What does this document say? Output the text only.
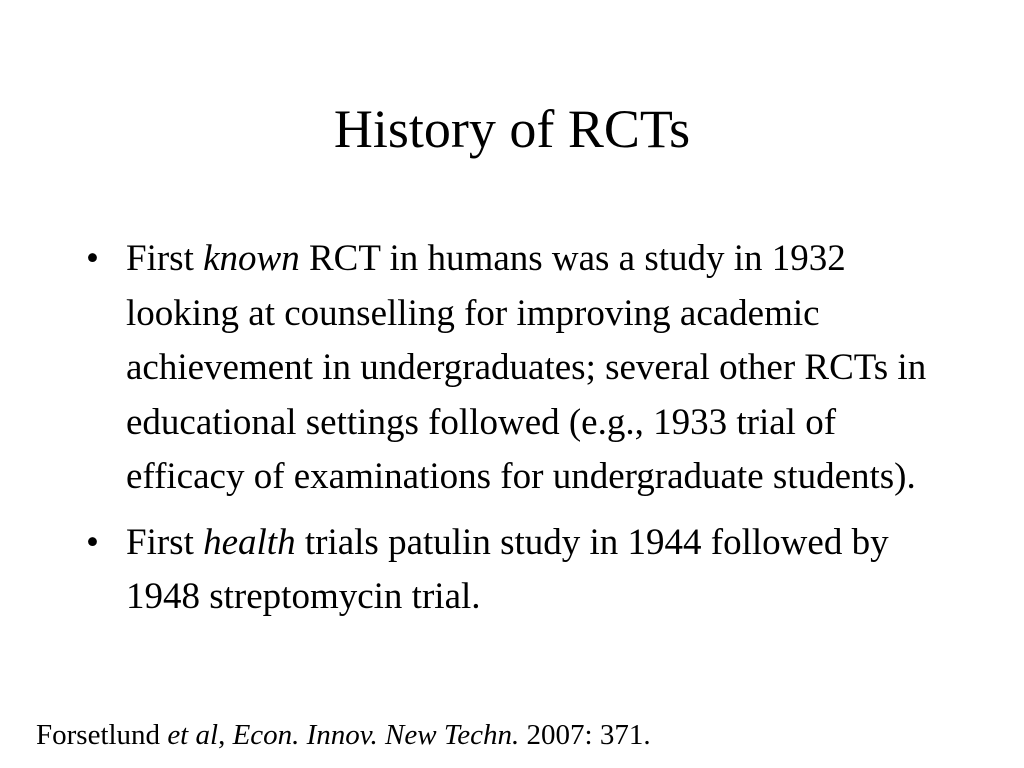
History of RCTs
• First known RCT in humans was a study in 1932 looking at counselling for improving academic achievement in undergraduates; several other RCTs in educational settings followed (e.g., 1933 trial of efficacy of examinations for undergraduate students).
• First health trials patulin study in 1944 followed by 1948 streptomycin trial.
Forsetlund et al, Econ. Innov. New Techn. 2007: 371.
